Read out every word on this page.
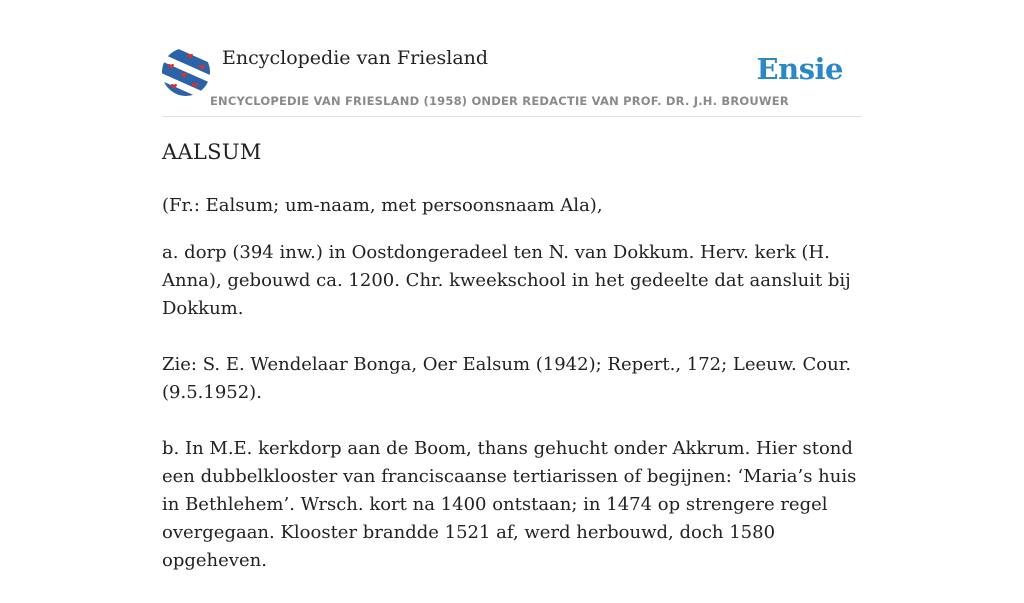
Encyclopedie van Friesland
ENCYCLOPEDIE VAN FRIESLAND (1958) ONDER REDACTIE VAN PROF. DR. J.H. BROUWER
Ensie
AALSUM

(Fr.: Ealsum; um-naam, met persoonsnaam Ala),

a. dorp (394 inw.) in Oostdongeradeel ten N. van Dokkum. Herv. kerk (H. Anna), gebouwd ca. 1200. Chr. kweekschool in het gedeelte dat aansluit bij Dokkum.

Zie: S. E. Wendelaar Bonga, Oer Ealsum (1942); Repert., 172; Leeuw. Cour. (9.5.1952).

b. In M.E. kerkdorp aan de Boom, thans gehucht onder Akkrum. Hier stond een dubbelklooster van franciscaanse tertiarissen of begijnen: ‘Maria’s huis in Bethlehem’. Wrsch. kort na 1400 ontstaan; in 1474 op strengere regel overgegaan. Klooster brandde 1521 af, werd herbouwd, doch 1580 opgeheven.
